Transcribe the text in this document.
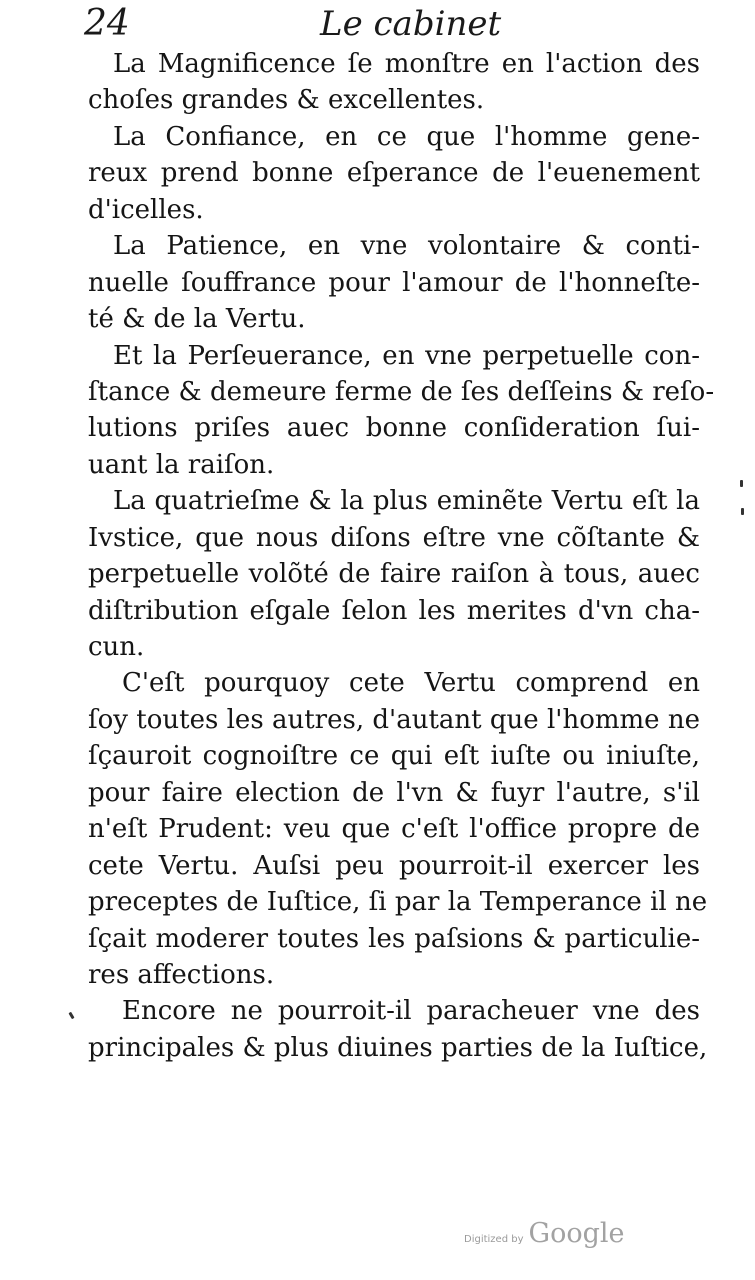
24	Le cabinet
La Magnificence ſe monſtre en l'action des
choſes grandes & excellentes.
La Confiance, en ce que l'homme gene-
reux prend bonne eſperance de l'euenement
d'icelles.
La Patience, en vne volontaire & conti-
nuelle ſouffrance pour l'amour de l'honneſte-
té & de la Vertu.
Et la Perſeuerance, en vne perpetuelle con-
ſtance & demeure ferme de ſes deſſeins & reſo-
lutions priſes auec bonne conſideration ſui-
uant la raiſon.
La quatrieſme & la plus eminẽte Vertu eſt la
Ivstice, que nous diſons eſtre vne cõſtante &
perpetuelle volõté de faire raiſon à tous, auec
diſtribution eſgale ſelon les merites d'vn cha-
cun.
C'eſt pourquoy cete Vertu comprend en
ſoy toutes les autres, d'autant que l'homme ne
ſçauroit cognoiſtre ce qui eſt iuſte ou iniuſte,
pour faire election de l'vn & fuyr l'autre, s'il
n'eſt Prudent: veu que c'eſt l'office propre de
cete Vertu. Auſsi peu pourroit-il exercer les
preceptes de Iuſtice, ſi par la Temperance il ne
ſçait moderer toutes les paſsions & particulie-
res affections.
Encore ne pourroit-il paracheuer vne des
principales & plus diuines parties de la Iuſtice,
Digitized by Google
